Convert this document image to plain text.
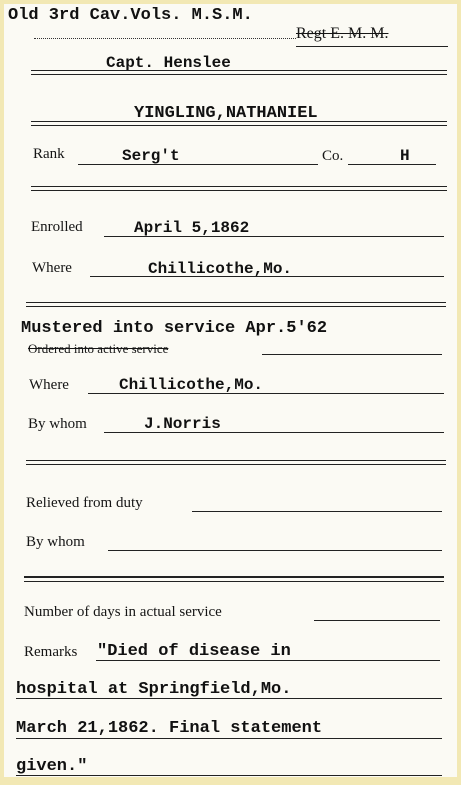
Old 3rd Cav.Vols. M.S.M.
Regt E. M. M.
Capt. Henslee
YINGLING,NATHANIEL
Rank	Serg't	Co.	H
Enrolled	April 5,1862
Where	Chillicothe,Mo.
Mustered into service Apr.5'62
Ordered into active service
Where	Chillicothe,Mo.
By whom	J.Norris
Relieved from duty
By whom
Number of days in actual service
Remarks "Died of disease in
hospital at Springfield,Mo.
March 21,1862. Final statement
given."
